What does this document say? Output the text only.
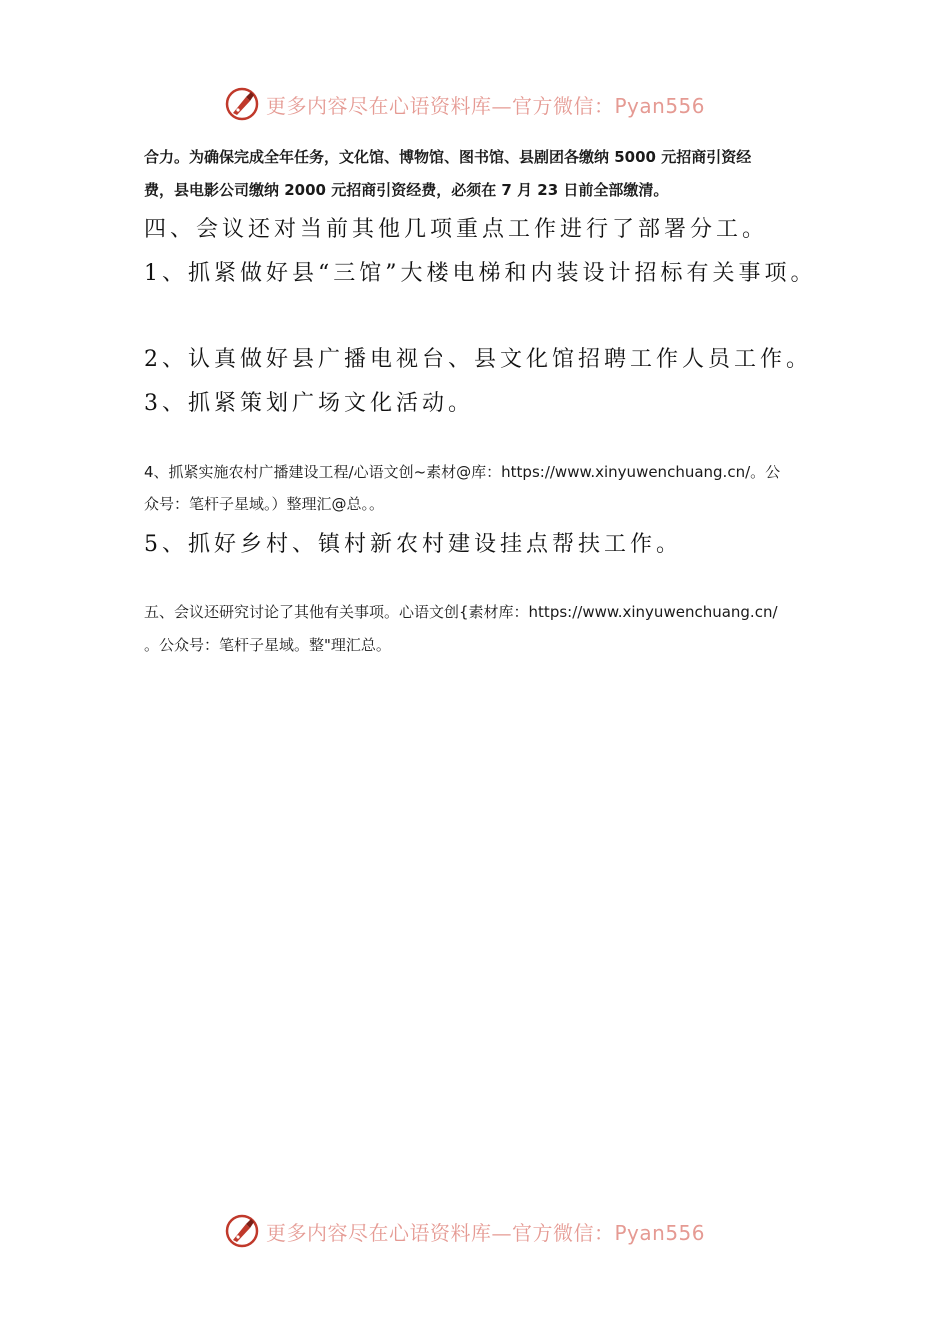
更多内容尽在心语资料库—官方微信：Pyan556
合力。为确保完成全年任务，文化馆、博物馆、图书馆、县剧团各缴纳 5000 元招商引资经
费，县电影公司缴纳 2000 元招商引资经费，必须在 7 月 23 日前全部缴清。
四、会议还对当前其他几项重点工作进行了部署分工。
1、抓紧做好县“三馆”大楼电梯和内装设计招标有关事项。
2、认真做好县广播电视台、县文化馆招聘工作人员工作。
3、抓紧策划广场文化活动。
4、抓紧实施农村广播建设工程/心语文创~素材@库：https://www.xinyuwenchuang.cn/。公
众号：笔杆子星域。）整理汇@总。。
5、抓好乡村、镇村新农村建设挂点帮扶工作。
五、会议还研究讨论了其他有关事项。心语文创{素材库：https://www.xinyuwenchuang.cn/
。公众号：笔杆子星域。整"理汇总。
更多内容尽在心语资料库—官方微信：Pyan556
